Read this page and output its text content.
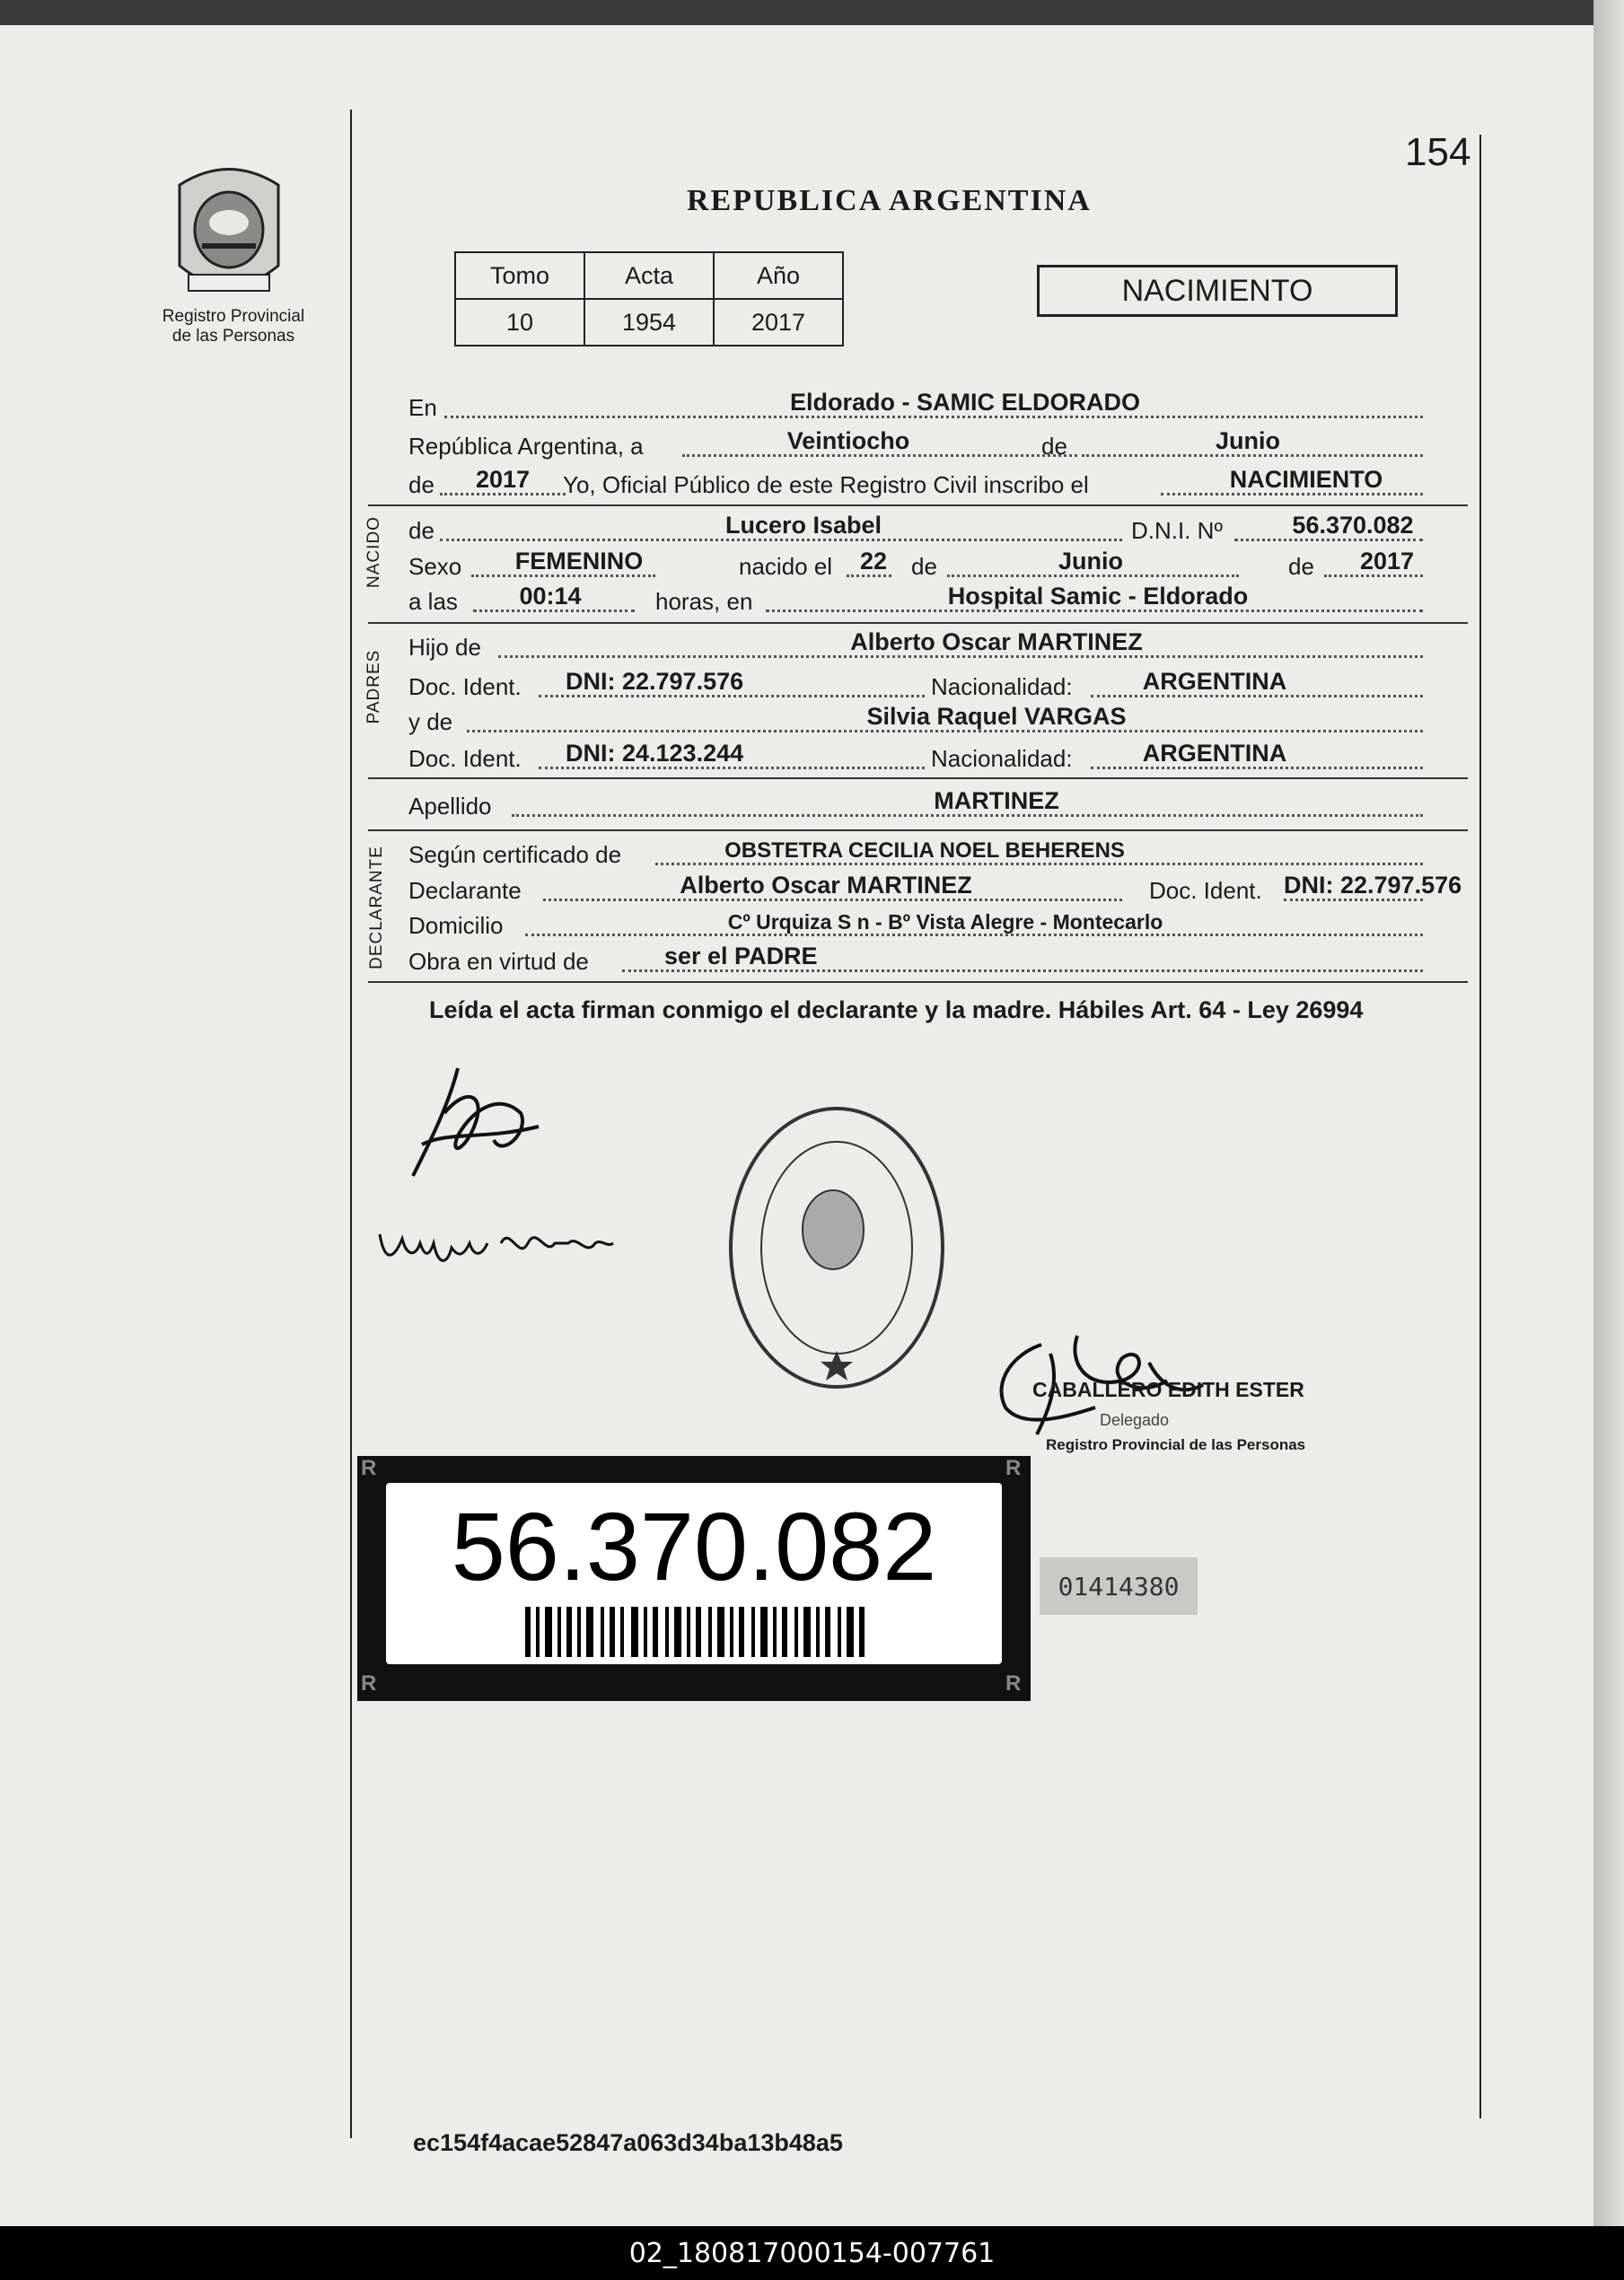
154
Registro Provincial
de las Personas
REPUBLICA ARGENTINA
Tomo	Acta	Año
10	1954	2017
NACIMIENTO
En	Eldorado - SAMIC ELDORADO
República Argentina, a	Veintiocho	de	Junio
de 2017 Yo, Oficial Público de este Registro Civil inscribo el	NACIMIENTO
NACIDO de	Lucero Isabel	D.N.I. Nº	56.370.082
Sexo FEMENINO	nacido el 22 de	Junio	de 2017
a las	00:14	horas, en	Hospital Samic - Eldorado
PADRES
Hijo de	Alberto Oscar MARTINEZ
Doc. Ident. DNI: 22.797.576	Nacionalidad:	ARGENTINA
y de	Silvia Raquel VARGAS
Doc. Ident. DNI: 24.123.244	Nacionalidad:	ARGENTINA
Apellido	MARTINEZ
DECLARANTE Según certificado de	OBSTETRA CECILIA NOEL BEHERENS
Declarante	Alberto Oscar MARTINEZ	Doc. Ident. DNI: 22.797.576
Domicilio	Cº Urquiza S n - Bº Vista Alegre - Montecarlo
Obra en virtud de	ser el PADRE
Leída el acta firman conmigo el declarante y la madre. Hábiles Art. 64 - Ley 26994
CABALLERO EDITH ESTER
Delegado
Registro Provincial de las Personas
R	R
R	R
56.370.082	01414380
ec154f4acae52847a063d34ba13b48a5
02_180817000154-007761
